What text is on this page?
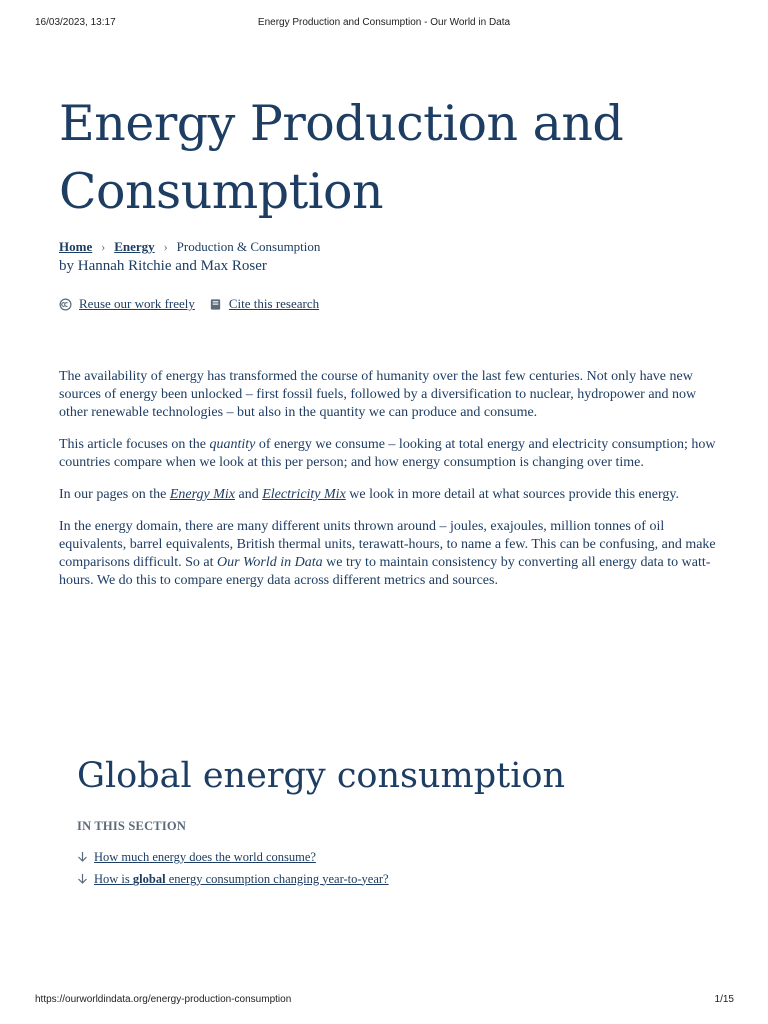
16/03/2023, 13:17	Energy Production and Consumption - Our World in Data
Energy Production and Consumption
Home › Energy › Production & Consumption
by Hannah Ritchie and Max Roser
Reuse our work freely	Cite this research

The availability of energy has transformed the course of humanity over the last few centuries. Not only have new sources of energy been unlocked – first fossil fuels, followed by a diversification to nuclear, hydropower and now other renewable technologies – but also in the quantity we can produce and consume.

This article focuses on the quantity of energy we consume – looking at total energy and electricity consumption; how countries compare when we look at this per person; and how energy consumption is changing over time.

In our pages on the Energy Mix and Electricity Mix we look in more detail at what sources provide this energy.

In the energy domain, there are many different units thrown around – joules, exajoules, million tonnes of oil equivalents, barrel equivalents, British thermal units, terawatt-hours, to name a few. This can be confusing, and make comparisons difficult. So at Our World in Data we try to maintain consistency by converting all energy data to watt-hours. We do this to compare energy data across different metrics and sources.

Global energy consumption
IN THIS SECTION
How much energy does the world consume?
How is global energy consumption changing year-to-year?
https://ourworldindata.org/energy-production-consumption	1/15
